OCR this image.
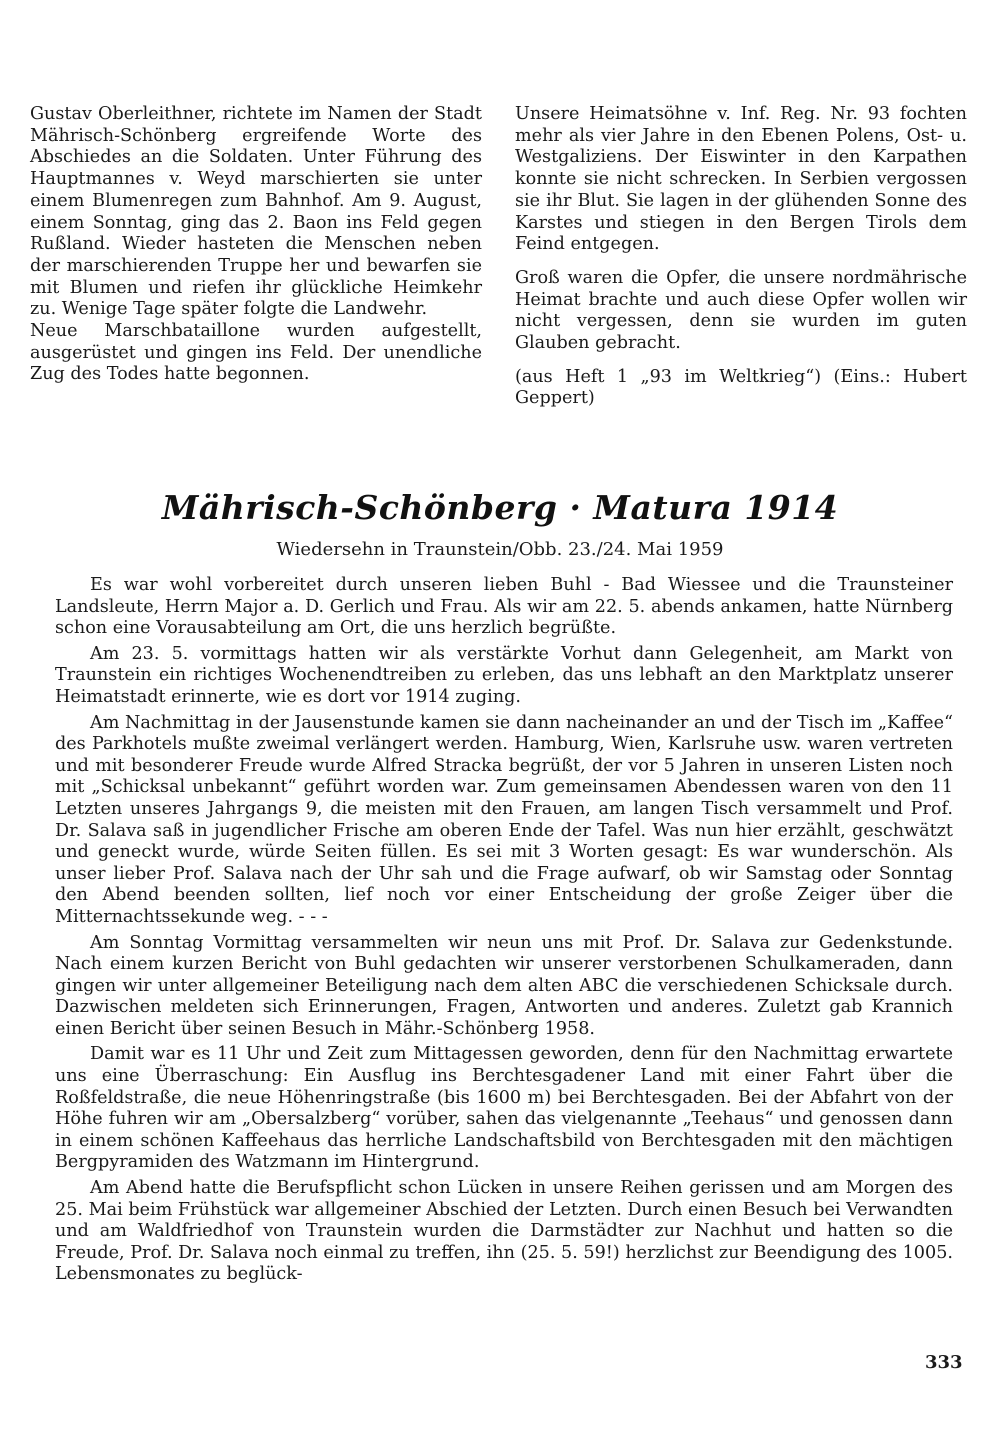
Gustav Oberleithner, richtete im Namen der Stadt Mährisch-Schönberg ergreifende Worte des Abschiedes an die Soldaten. Unter Führung des Hauptmannes v. Weyd marschierten sie unter einem Blumenregen zum Bahnhof. Am 9. August, einem Sonntag, ging das 2. Baon ins Feld gegen Rußland. Wieder hasteten die Menschen neben der marschierenden Truppe her und bewarfen sie mit Blumen und riefen ihr glückliche Heimkehr zu. Wenige Tage später folgte die Landwehr.

Neue Marschbataillone wurden aufgestellt, ausgerüstet und gingen ins Feld. Der unendliche Zug des Todes hatte begonnen.

Unsere Heimatsöhne v. Inf. Reg. Nr. 93 fochten mehr als vier Jahre in den Ebenen Polens, Ost- u. Westgaliziens. Der Eiswinter in den Karpathen konnte sie nicht schrecken. In Serbien vergossen sie ihr Blut. Sie lagen in der glühenden Sonne des Karstes und stiegen in den Bergen Tirols dem Feind entgegen.

Groß waren die Opfer, die unsere nordmährische Heimat brachte und auch diese Opfer wollen wir nicht vergessen, denn sie wurden im guten Glauben gebracht.

(aus Heft 1 „93 im Weltkrieg“) (Eins.: Hubert Geppert)

Mährisch-Schönberg · Matura 1914
Wiedersehn in Traunstein/Obb. 23./24. Mai 1959

Es war wohl vorbereitet durch unseren lieben Buhl - Bad Wiessee und die Traunsteiner Landsleute, Herrn Major a. D. Gerlich und Frau. Als wir am 22. 5. abends ankamen, hatte Nürnberg schon eine Vorausabteilung am Ort, die uns herzlich begrüßte.

Am 23. 5. vormittags hatten wir als verstärkte Vorhut dann Gelegenheit, am Markt von Traunstein ein richtiges Wochenendtreiben zu erleben, das uns lebhaft an den Marktplatz unserer Heimatstadt erinnerte, wie es dort vor 1914 zuging.

Am Nachmittag in der Jausenstunde kamen sie dann nacheinander an und der Tisch im „Kaffee“ des Parkhotels mußte zweimal verlängert werden. Hamburg, Wien, Karlsruhe usw. waren vertreten und mit besonderer Freude wurde Alfred Stracka begrüßt, der vor 5 Jahren in unseren Listen noch mit „Schicksal unbekannt“ geführt worden war. Zum gemeinsamen Abendessen waren von den 11 Letzten unseres Jahrgangs 9, die meisten mit den Frauen, am langen Tisch versammelt und Prof. Dr. Salava saß in jugendlicher Frische am oberen Ende der Tafel. Was nun hier erzählt, geschwätzt und geneckt wurde, würde Seiten füllen. Es sei mit 3 Worten gesagt: Es war wunderschön. Als unser lieber Prof. Salava nach der Uhr sah und die Frage aufwarf, ob wir Samstag oder Sonntag den Abend beenden sollten, lief noch vor einer Entscheidung der große Zeiger über die Mitternachtssekunde weg. - - -

Am Sonntag Vormittag versammelten wir neun uns mit Prof. Dr. Salava zur Gedenkstunde. Nach einem kurzen Bericht von Buhl gedachten wir unserer verstorbenen Schulkameraden, dann gingen wir unter allgemeiner Beteiligung nach dem alten ABC die verschiedenen Schicksale durch. Dazwischen meldeten sich Erinnerungen, Fragen, Antworten und anderes. Zuletzt gab Krannich einen Bericht über seinen Besuch in Mähr.-Schönberg 1958.

Damit war es 11 Uhr und Zeit zum Mittagessen geworden, denn für den Nachmittag erwartete uns eine Überraschung: Ein Ausflug ins Berchtesgadener Land mit einer Fahrt über die Roßfeldstraße, die neue Höhenringstraße (bis 1600 m) bei Berchtesgaden. Bei der Abfahrt von der Höhe fuhren wir am „Obersalzberg“ vorüber, sahen das vielgenannte „Teehaus“ und genossen dann in einem schönen Kaffeehaus das herrliche Landschaftsbild von Berchtesgaden mit den mächtigen Bergpyramiden des Watzmann im Hintergrund.

Am Abend hatte die Berufspflicht schon Lücken in unsere Reihen gerissen und am Morgen des 25. Mai beim Frühstück war allgemeiner Abschied der Letzten. Durch einen Besuch bei Verwandten und am Waldfriedhof von Traunstein wurden die Darmstädter zur Nachhut und hatten so die Freude, Prof. Dr. Salava noch einmal zu treffen, ihn (25. 5. 59!) herzlichst zur Beendigung des 1005. Lebensmonates zu beglück-

333
